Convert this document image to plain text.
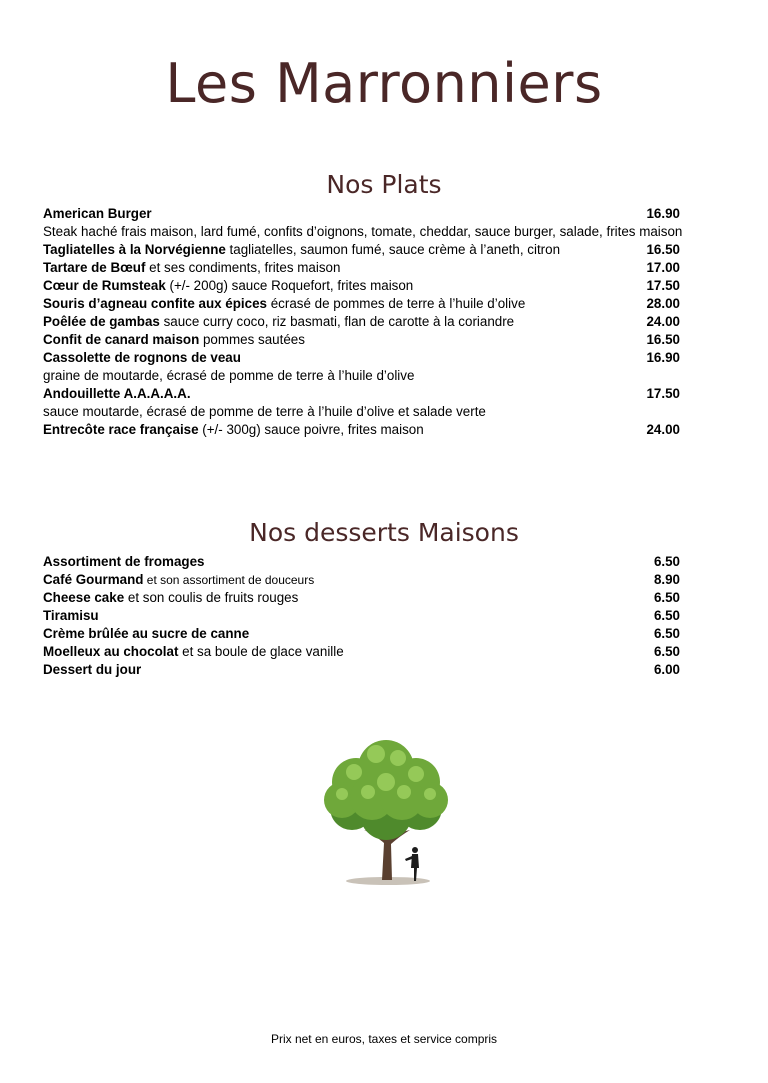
Les Marronniers
Nos Plats
American Burger	16.90
Steak haché frais maison, lard fumé, confits d’oignons, tomate, cheddar, sauce burger, salade, frites maison
Tagliatelles à la Norvégienne tagliatelles, saumon fumé, sauce crème à l’aneth, citron	16.50
Tartare de Bœuf et ses condiments, frites maison	17.00
Cœur de Rumsteak (+/- 200g) sauce Roquefort, frites maison	17.50
Souris d’agneau confite aux épices écrasé de pommes de terre à l’huile d’olive	28.00
Poêlée de gambas sauce curry coco, riz basmati, flan de carotte à la coriandre	24.00
Confit de canard maison pommes sautées	16.50
Cassolette de rognons de veau	16.90
graine de moutarde, écrasé de pomme de terre à l’huile d’olive
Andouillette A.A.A.A.A.	17.50
sauce moutarde, écrasé de pomme de terre à l’huile d’olive et salade verte
Entrecôte race française (+/- 300g) sauce poivre, frites maison	24.00
Nos desserts Maisons
Assortiment de fromages	6.50
Café Gourmand et son assortiment de douceurs	8.90
Cheese cake et son coulis de fruits rouges	6.50
Tiramisu	6.50
Crème brûlée au sucre de canne	6.50
Moelleux au chocolat et sa boule de glace vanille	6.50
Dessert du jour	6.00
Prix net en euros, taxes et service compris
